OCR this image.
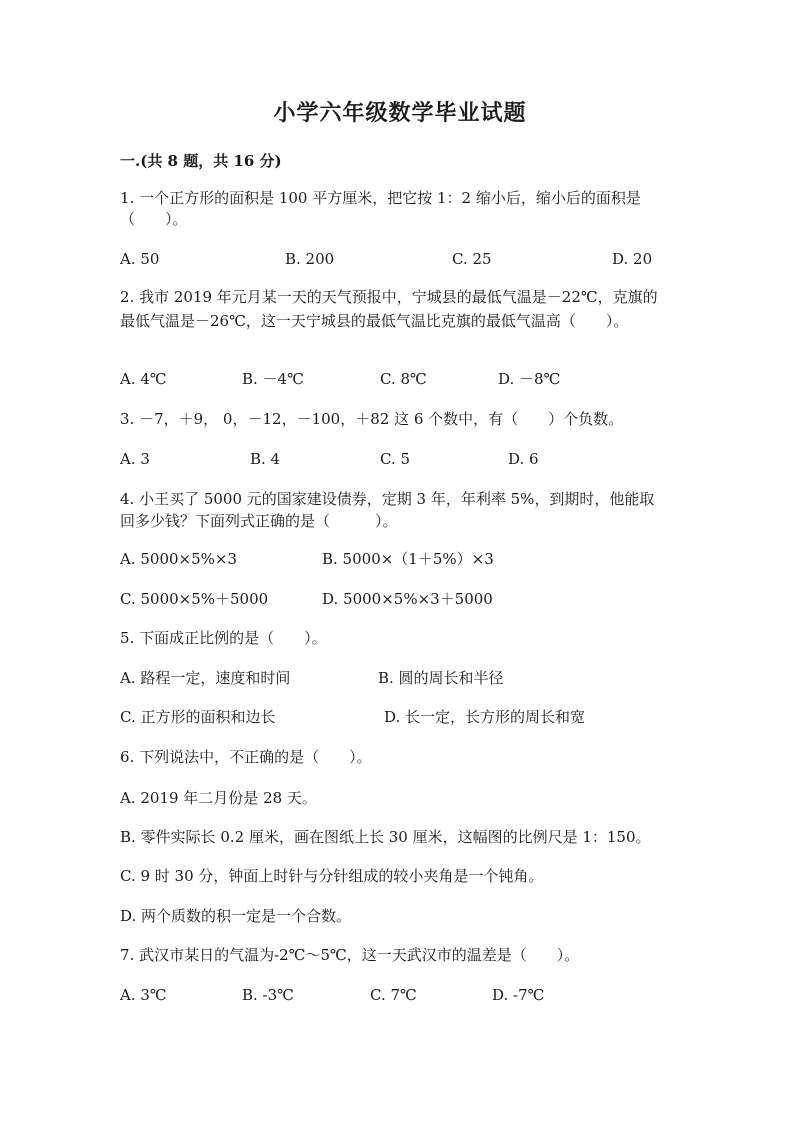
小学六年级数学毕业试题
一.(共 8 题，共 16 分)
1. 一个正方形的面积是 100 平方厘米，把它按 1：2 缩小后，缩小后的面积是
（　　）。
A. 50	B. 200	C. 25	D. 20
2. 我市 2019 年元月某一天的天气预报中，宁城县的最低气温是－22℃，克旗的
最低气温是－26℃，这一天宁城县的最低气温比克旗的最低气温高（　　）。
A. 4℃	B. －4℃	C. 8℃	D. －8℃
3. －7，＋9， 0，－12，－100，＋82 这 6 个数中，有（　　）个负数。
A. 3	B. 4	C. 5	D. 6
4. 小王买了 5000 元的国家建设债券，定期 3 年，年利率 5%，到期时，他能取
回多少钱？下面列式正确的是（　　　）。
A. 5000×5%×3	B. 5000×（1＋5%）×3
C. 5000×5%＋5000	D. 5000×5%×3＋5000
5. 下面成正比例的是（　　）。
A. 路程一定，速度和时间	B. 圆的周长和半径
C. 正方形的面积和边长	D. 长一定，长方形的周长和宽
6. 下列说法中，不正确的是（　　）。
A. 2019 年二月份是 28 天。
B. 零件实际长 0.2 厘米，画在图纸上长 30 厘米，这幅图的比例尺是 1：150。
C. 9 时 30 分，钟面上时针与分针组成的较小夹角是一个钝角。
D. 两个质数的积一定是一个合数。
7. 武汉市某日的气温为-2℃～5℃，这一天武汉市的温差是（　　）。
A. 3℃	B. -3℃	C. 7℃	D. -7℃
